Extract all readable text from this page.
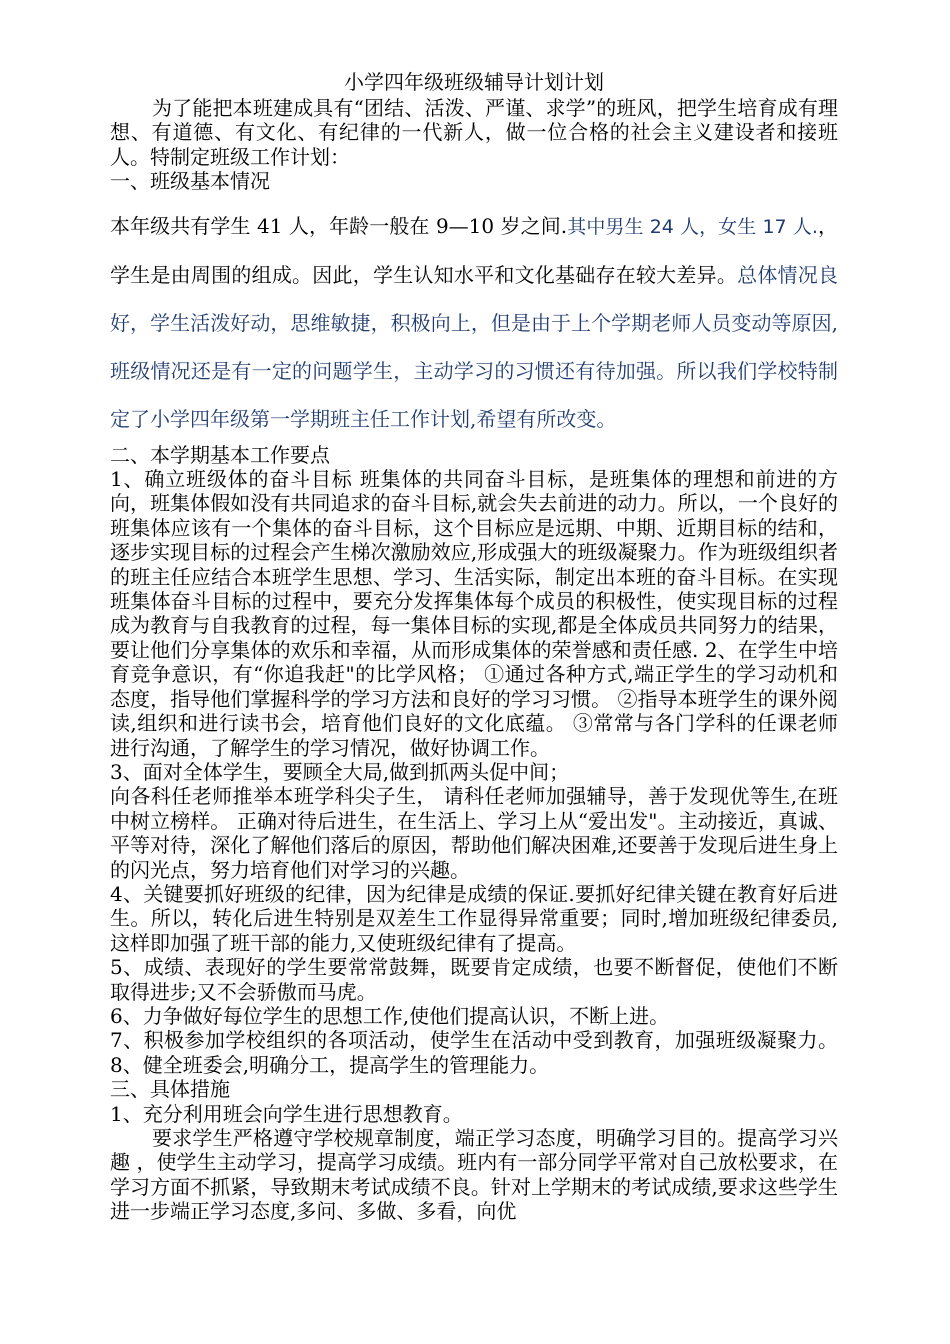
小学四年级班级辅导计划计划

为了能把本班建成具有“团结、活泼、严谨、求学”的班风，把学生培育成有理想、有道德、有文化、有纪律的一代新人，做一位合格的社会主义建设者和接班人。特制定班级工作计划：

一、班级基本情况

本年级共有学生 41 人，年龄一般在 9—10 岁之间.其中男生 24 人，女生 17 人.，学生是由周围的组成。因此，学生认知水平和文化基础存在较大差异。总体情况良好，学生活泼好动，思维敏捷，积极向上，但是由于上个学期老师人员变动等原因,班级情况还是有一定的问题学生，主动学习的习惯还有待加强。所以我们学校特制定了小学四年级第一学期班主任工作计划,希望有所改变。

二、本学期基本工作要点

1、确立班级体的奋斗目标 班集体的共同奋斗目标，是班集体的理想和前进的方向，班集体假如没有共同追求的奋斗目标,就会失去前进的动力。所以，一个良好的班集体应该有一个集体的奋斗目标，这个目标应是远期、中期、近期目标的结和，逐步实现目标的过程会产生梯次激励效应,形成强大的班级凝聚力。作为班级组织者的班主任应结合本班学生思想、学习、生活实际，制定出本班的奋斗目标。在实现班集体奋斗目标的过程中，要充分发挥集体每个成员的积极性，使实现目标的过程成为教育与自我教育的过程，每一集体目标的实现,都是全体成员共同努力的结果，要让他们分享集体的欢乐和幸福，从而形成集体的荣誉感和责任感. 2、在学生中培育竞争意识，有“你追我赶"的比学风格； ①通过各种方式,端正学生的学习动机和态度，指导他们掌握科学的学习方法和良好的学习习惯。 ②指导本班学生的课外阅读,组织和进行读书会，培育他们良好的文化底蕴。 ③常常与各门学科的任课老师进行沟通，了解学生的学习情况，做好协调工作。

3、面对全体学生，要顾全大局,做到抓两头促中间；

向各科任老师推举本班学科尖子生， 请科任老师加强辅导，善于发现优等生,在班中树立榜样。 正确对待后进生，在生活上、学习上从“爱出发"。主动接近，真诚、平等对待，深化了解他们落后的原因，帮助他们解决困难,还要善于发现后进生身上的闪光点，努力培育他们对学习的兴趣。

4、关键要抓好班级的纪律，因为纪律是成绩的保证.要抓好纪律关键在教育好后进生。所以，转化后进生特别是双差生工作显得异常重要；同时,增加班级纪律委员,这样即加强了班干部的能力,又使班级纪律有了提高。

5、成绩、表现好的学生要常常鼓舞，既要肯定成绩，也要不断督促，使他们不断取得进步;又不会骄傲而马虎。

6、力争做好每位学生的思想工作,使他们提高认识，不断上进。

7、积极参加学校组织的各项活动，使学生在活动中受到教育，加强班级凝聚力。 8、健全班委会,明确分工，提高学生的管理能力。

三、具体措施

1、充分利用班会向学生进行思想教育。

要求学生严格遵守学校规章制度，端正学习态度，明确学习目的。提高学习兴趣 ，使学生主动学习，提高学习成绩。班内有一部分同学平常对自己放松要求，在学习方面不抓紧，导致期末考试成绩不良。针对上学期末的考试成绩,要求这些学生进一步端正学习态度,多问、多做、多看，向优
